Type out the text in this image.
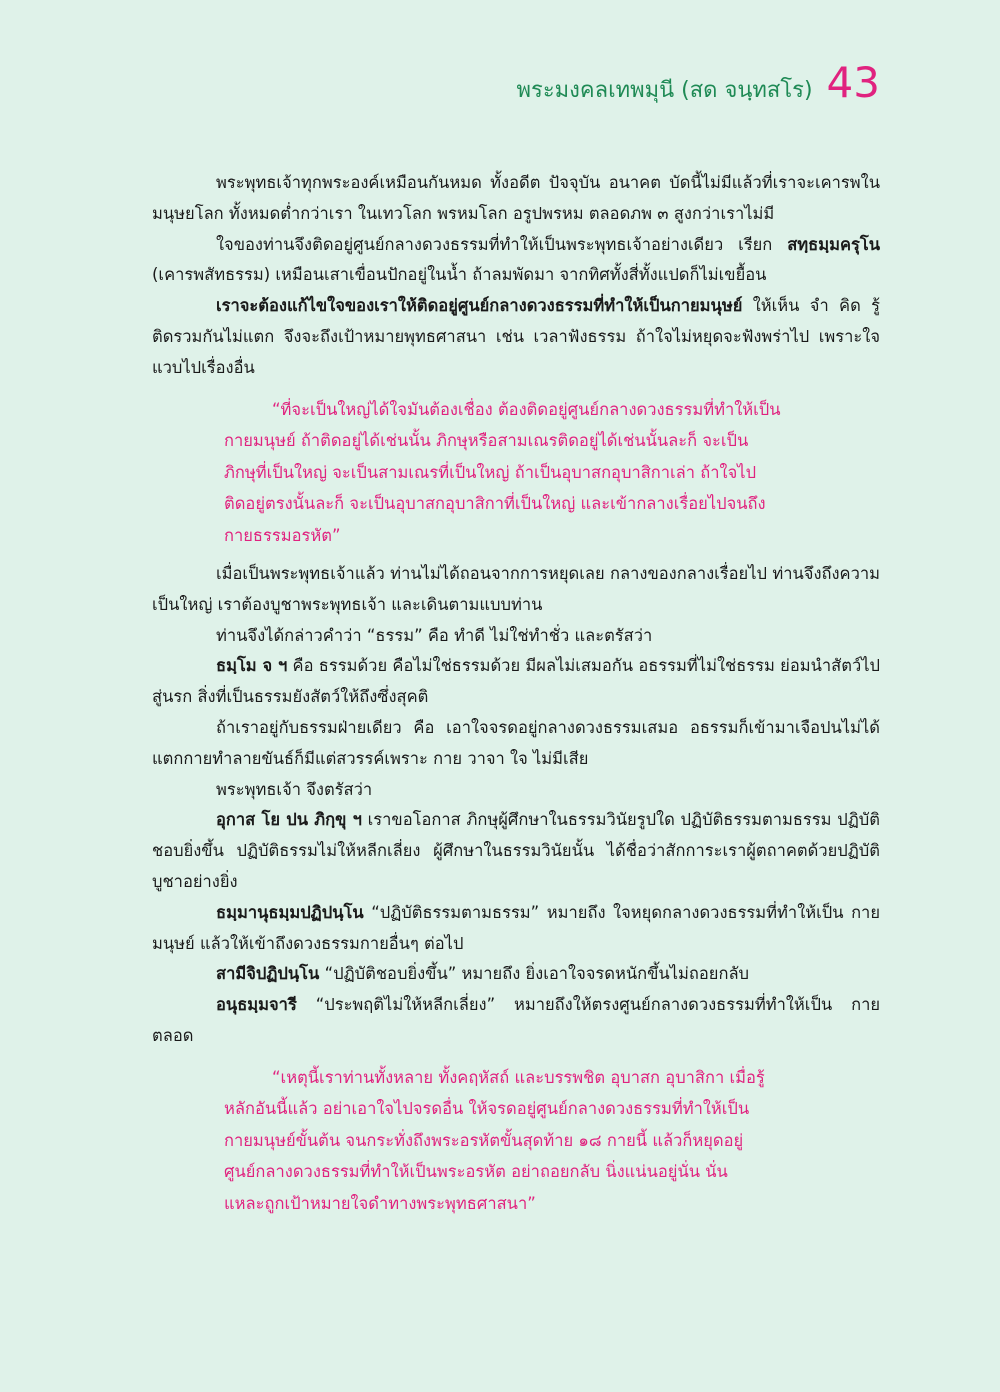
พระมงคลเทพมุนี (สด จนฺทสโร) 43

พระพุทธเจ้าทุกพระองค์เหมือนกันหมด ทั้งอดีต ปัจจุบัน อนาคต บัดนี้ไม่มีแล้วที่เราจะเคารพในมนุษยโลก ทั้งหมดต่ำกว่าเรา ในเทวโลก พรหมโลก อรูปพรหม ตลอดภพ ๓ สูงกว่าเราไม่มี

ใจของท่านจึงติดอยู่ศูนย์กลางดวงธรรมที่ทำให้เป็นพระพุทธเจ้าอย่างเดียว เรียก สทฺธมฺมครุโน (เคารพสัทธรรม) เหมือนเสาเขื่อนปักอยู่ในน้ำ ถ้าลมพัดมา จากทิศทั้งสี่ทั้งแปดก็ไม่เขยื้อน

เราจะต้องแก้ไขใจของเราให้ติดอยู่ศูนย์กลางดวงธรรมที่ทำให้เป็นกายมนุษย์ ให้เห็น จำ คิด รู้ ติดรวมกันไม่แตก จึงจะถึงเป้าหมายพุทธศาสนา เช่น เวลาฟังธรรม ถ้าใจไม่หยุดจะฟังพร่าไป เพราะใจแวบไปเรื่องอื่น

“ที่จะเป็นใหญ่ได้ใจมันต้องเชื่อง ต้องติดอยู่ศูนย์กลางดวงธรรมที่ทำให้เป็น
กายมนุษย์ ถ้าติดอยู่ได้เช่นนั้น ภิกษุหรือสามเณรติดอยู่ได้เช่นนั้นละก็ จะเป็น
ภิกษุที่เป็นใหญ่ จะเป็นสามเณรที่เป็นใหญ่ ถ้าเป็นอุบาสกอุบาสิกาเล่า ถ้าใจไป
ติดอยู่ตรงนั้นละก็ จะเป็นอุบาสกอุบาสิกาที่เป็นใหญ่ และเข้ากลางเรื่อยไปจนถึง
กายธรรมอรหัต”

เมื่อเป็นพระพุทธเจ้าแล้ว ท่านไม่ได้ถอนจากการหยุดเลย กลางของกลางเรื่อยไป ท่านจึงถึงความเป็นใหญ่ เราต้องบูชาพระพุทธเจ้า และเดินตามแบบท่าน

ท่านจึงได้กล่าวคำว่า “ธรรม” คือ ทำดี ไม่ใช่ทำชั่ว และตรัสว่า

ธมฺโม จ ฯ คือ ธรรมด้วย คือไม่ใช่ธรรมด้วย มีผลไม่เสมอกัน อธรรมที่ไม่ใช่ธรรม ย่อมนำสัตว์ไปสู่นรก สิ่งที่เป็นธรรมยังสัตว์ให้ถึงซึ่งสุคติ

ถ้าเราอยู่กับธรรมฝ่ายเดียว คือ เอาใจจรดอยู่กลางดวงธรรมเสมอ อธรรมก็เข้ามาเจือปนไม่ได้ แตกกายทำลายขันธ์ก็มีแต่สวรรค์เพราะ กาย วาจา ใจ ไม่มีเสีย

พระพุทธเจ้า จึงตรัสว่า

อุกาส โย ปน ภิกฺขุ ฯ เราขอโอกาส ภิกษุผู้ศึกษาในธรรมวินัยรูปใด ปฏิบัติธรรมตามธรรม ปฏิบัติชอบยิ่งขึ้น ปฏิบัติธรรมไม่ให้หลีกเลี่ยง ผู้ศึกษาในธรรมวินัยนั้น ได้ชื่อว่าสักการะเราผู้ตถาคตด้วยปฏิบัติบูชาอย่างยิ่ง

ธมฺมานุธมฺมปฏิปนฺโน “ปฏิบัติธรรมตามธรรม” หมายถึง ใจหยุดกลางดวงธรรมที่ทำให้เป็น กายมนุษย์ แล้วให้เข้าถึงดวงธรรมกายอื่นๆ ต่อไป

สามีจิปฏิปนฺโน “ปฏิบัติชอบยิ่งขึ้น” หมายถึง ยิ่งเอาใจจรดหนักขึ้นไม่ถอยกลับ

อนุธมฺมจารี “ประพฤติไม่ให้หลีกเลี่ยง” หมายถึงให้ตรงศูนย์กลางดวงธรรมที่ทำให้เป็น กายตลอด

“เหตุนี้เราท่านทั้งหลาย ทั้งคฤหัสถ์ และบรรพชิต อุบาสก อุบาสิกา เมื่อรู้
หลักอันนี้แล้ว อย่าเอาใจไปจรดอื่น ให้จรดอยู่ศูนย์กลางดวงธรรมที่ทำให้เป็น
กายมนุษย์ขั้นต้น จนกระทั่งถึงพระอรหัตขั้นสุดท้าย ๑๘ กายนี้ แล้วก็หยุดอยู่
ศูนย์กลางดวงธรรมที่ทำให้เป็นพระอรหัต อย่าถอยกลับ นิ่งแน่นอยู่นั่น นั่น
แหละถูกเป้าหมายใจดำทางพระพุทธศาสนา”
